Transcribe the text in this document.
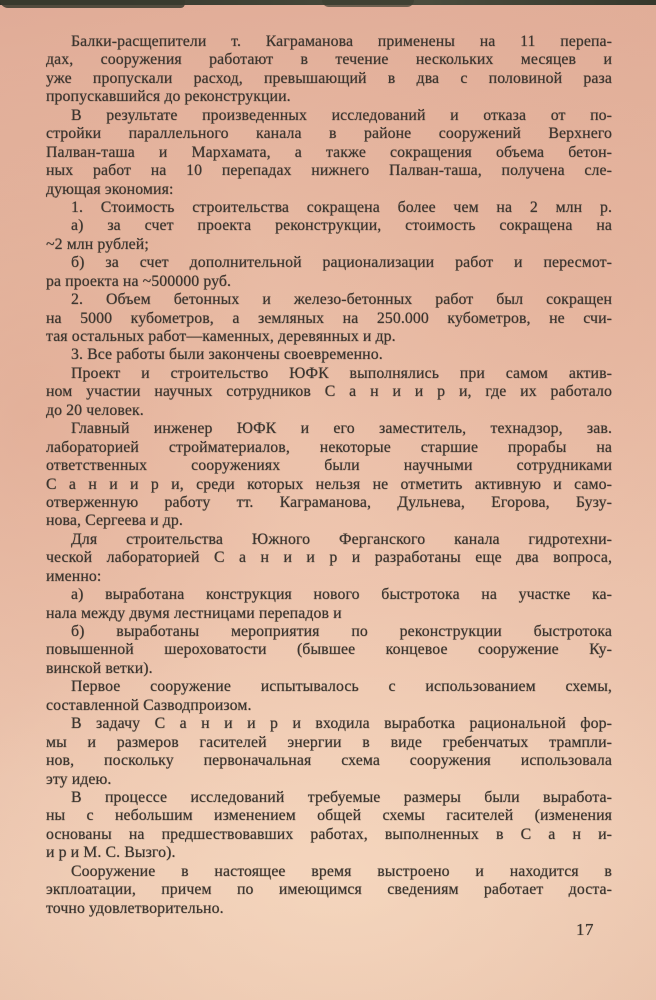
Балки-расщепители т. Каграманова применены на 11 перепа-
дах, сооружения работают в течение нескольких месяцев и
уже пропускали расход, превышающий в два с половиной раза
пропускавшийся до реконструкции.
В результате произведенных исследований и отказа от по-
стройки параллельного канала в районе сооружений Верхнего
Палван-таша и Мархамата, а также сокращения объема бетон-
ных работ на 10 перепадах нижнего Палван-таша, получена сле-
дующая экономия:
1. Стоимость строительства сокращена более чем на 2 млн р.
а) за счет проекта реконструкции, стоимость сокращена на
~2 млн рублей;
б) за счет дополнительной рационализации работ и пересмот-
ра проекта на ~500000 руб.
2. Объем бетонных и железо-бетонных работ был сокращен
на 5000 кубометров, а земляных на 250.000 кубометров, не счи-
тая остальных работ—каменных, деревянных и др.
3. Все работы были закончены своевременно.
Проект и строительство ЮФК выполнялись при самом актив-
ном участии научных сотрудников С а н и и р и, где их работало
до 20 человек.
Главный инженер ЮФК и его заместитель, технадзор, зав.
лабораторией стройматериалов, некоторые старшие прорабы на
ответственных сооружениях были научными сотрудниками
С а н и и р и, среди которых нельзя не отметить активную и само-
отверженную работу тт. Каграманова, Дульнева, Егорова, Бузу-
нова, Сергеева и др.
Для строительства Южного Ферганского канала гидротехни-
ческой лабораторией С а н и и р и разработаны еще два вопроса,
именно:
а) выработана конструкция нового быстротока на участке ка-
нала между двумя лестницами перепадов и
б) выработаны мероприятия по реконструкции быстротока
повышенной шероховатости (бывшее концевое сооружение Ку-
винской ветки).
Первое сооружение испытывалось с использованием схемы,
составленной Сазводпроизом.
В задачу С а н и и р и входила выработка рациональной фор-
мы и размеров гасителей энергии в виде гребенчатых трампли-
нов, поскольку первоначальная схема сооружения использовала
эту идею.
В процессе исследований требуемые размеры были выработа-
ны с небольшим изменением общей схемы гасителей (изменения
основаны на предшествовавших работах, выполненных в С а н и-
и р и М. С. Вызго).
Сооружение в настоящее время выстроено и находится в
экплоатации, причем по имеющимся сведениям работает доста-
точно удовлетворительно.
17
